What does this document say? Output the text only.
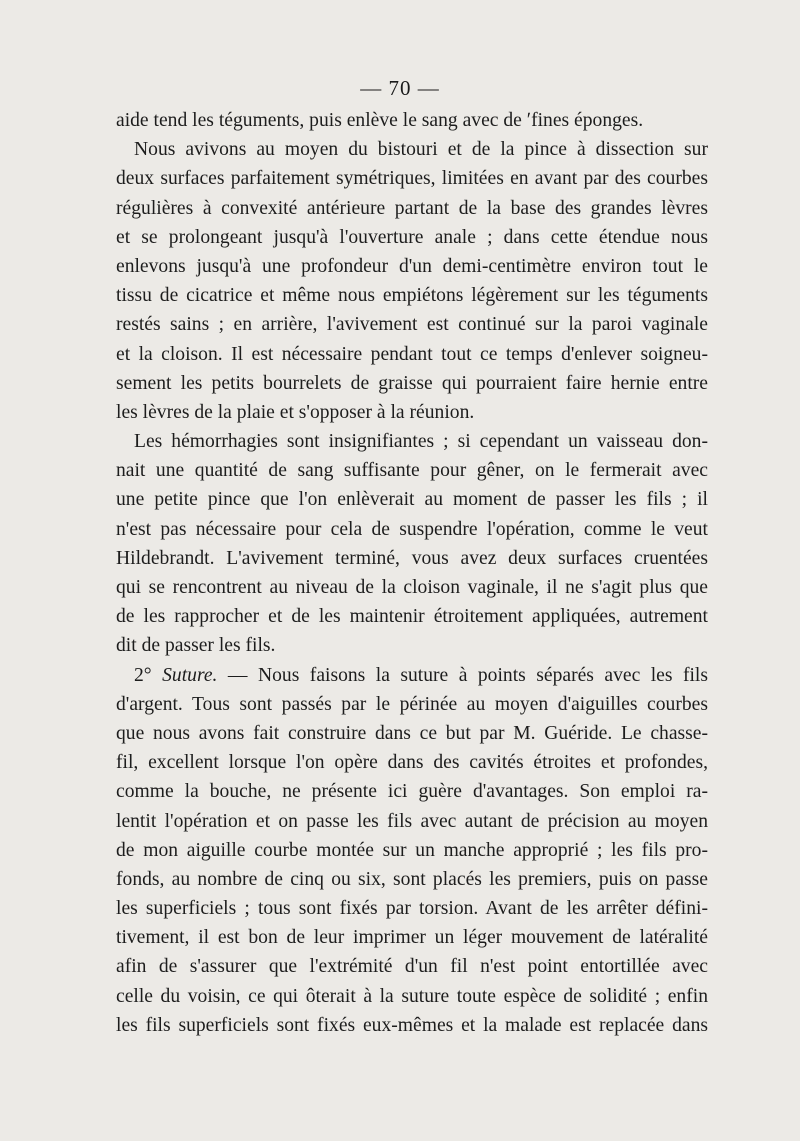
— 70 —
aide tend les téguments, puis enlève le sang avec de ʹfines éponges.
Nous avivons au moyen du bistouri et de la pince à dissection sur
deux surfaces parfaitement symétriques, limitées en avant par des courbes
régulières à convexité antérieure partant de la base des grandes lèvres
et se prolongeant jusqu'à l'ouverture anale ; dans cette étendue nous
enlevons jusqu'à une profondeur d'un demi-centimètre environ tout le
tissu de cicatrice et même nous empiétons légèrement sur les téguments
restés sains ; en arrière, l'avivement est continué sur la paroi vaginale
et la cloison. Il est nécessaire pendant tout ce temps d'enlever soigneu-
sement les petits bourrelets de graisse qui pourraient faire hernie entre
les lèvres de la plaie et s'opposer à la réunion.
Les hémorrhagies sont insignifiantes ; si cependant un vaisseau don-
nait une quantité de sang suffisante pour gêner, on le fermerait avec
une petite pince que l'on enlèverait au moment de passer les fils ; il
n'est pas nécessaire pour cela de suspendre l'opération, comme le veut
Hildebrandt. L'avivement terminé, vous avez deux surfaces cruentées
qui se rencontrent au niveau de la cloison vaginale, il ne s'agit plus que
de les rapprocher et de les maintenir étroitement appliquées, autrement
dit de passer les fils.
2° Suture. — Nous faisons la suture à points séparés avec les fils
d'argent. Tous sont passés par le périnée au moyen d'aiguilles courbes
que nous avons fait construire dans ce but par M. Guéride. Le chasse-
fil, excellent lorsque l'on opère dans des cavités étroites et profondes,
comme la bouche, ne présente ici guère d'avantages. Son emploi ra-
lentit l'opération et on passe les fils avec autant de précision au moyen
de mon aiguille courbe montée sur un manche approprié ; les fils pro-
fonds, au nombre de cinq ou six, sont placés les premiers, puis on passe
les superficiels ; tous sont fixés par torsion. Avant de les arrêter défini-
tivement, il est bon de leur imprimer un léger mouvement de latéralité
afin de s'assurer que l'extrémité d'un fil n'est point entortillée avec
celle du voisin, ce qui ôterait à la suture toute espèce de solidité ; enfin
les fils superficiels sont fixés eux-mêmes et la malade est replacée dans
